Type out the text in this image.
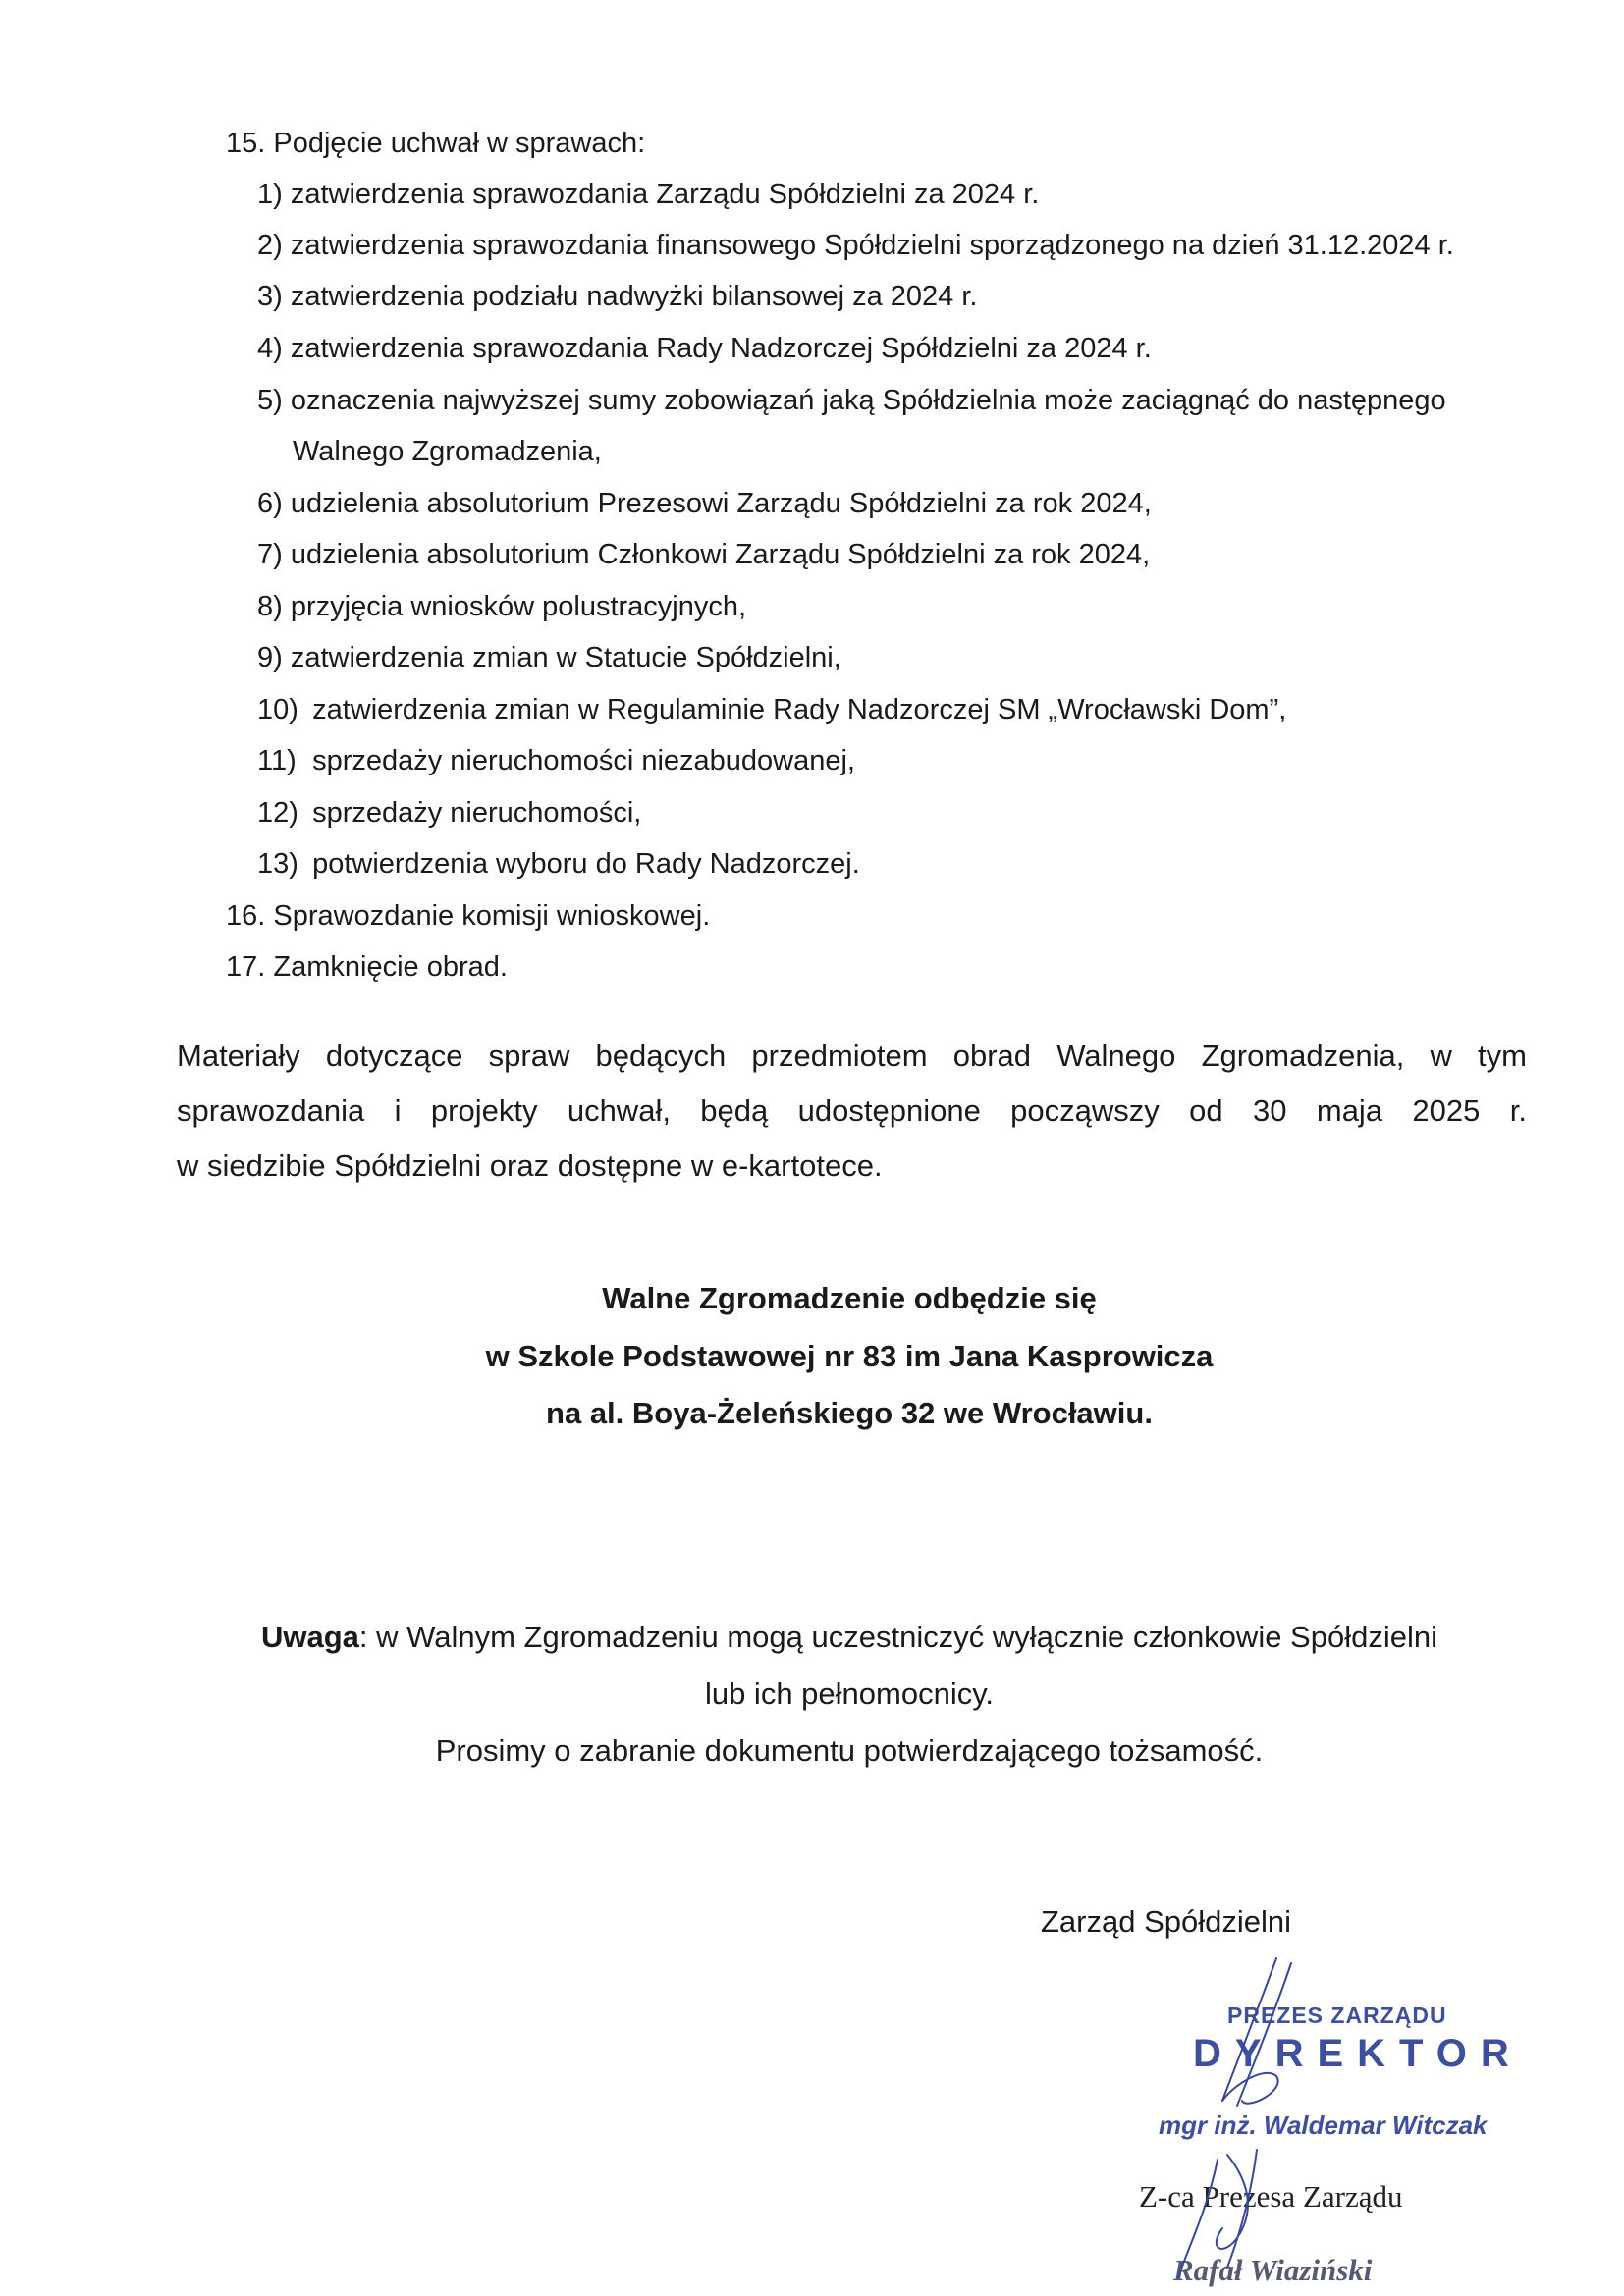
15. Podjęcie uchwał w sprawach:
1) zatwierdzenia sprawozdania Zarządu Spółdzielni za 2024 r.
2) zatwierdzenia sprawozdania finansowego Spółdzielni sporządzonego na dzień 31.12.2024 r.
3) zatwierdzenia podziału nadwyżki bilansowej za 2024 r.
4) zatwierdzenia sprawozdania Rady Nadzorczej Spółdzielni za 2024 r.
5) oznaczenia najwyższej sumy zobowiązań jaką Spółdzielnia może zaciągnąć do następnego
Walnego Zgromadzenia,
6) udzielenia absolutorium Prezesowi Zarządu Spółdzielni za rok 2024,
7) udzielenia absolutorium Członkowi Zarządu Spółdzielni za rok 2024,
8) przyjęcia wniosków polustracyjnych,
9) zatwierdzenia zmian w Statucie Spółdzielni,
10) zatwierdzenia zmian w Regulaminie Rady Nadzorczej SM „Wrocławski Dom”,
11) sprzedaży nieruchomości niezabudowanej,
12) sprzedaży nieruchomości,
13) potwierdzenia wyboru do Rady Nadzorczej.
16. Sprawozdanie komisji wnioskowej.
17. Zamknięcie obrad.

Materiały dotyczące spraw będących przedmiotem obrad Walnego Zgromadzenia, w tym

sprawozdania i projekty uchwał, będą udostępnione począwszy od 30 maja 2025 r.

w siedzibie Spółdzielni oraz dostępne w e-kartotece.

Walne Zgromadzenie odbędzie się
w Szkole Podstawowej nr 83 im Jana Kasprowicza
na al. Boya-Żeleńskiego 32 we Wrocławiu.
Uwaga: w Walnym Zgromadzeniu mogą uczestniczyć wyłącznie członkowie Spółdzielni
lub ich pełnomocnicy.
Prosimy o zabranie dokumentu potwierdzającego tożsamość.
Zarząd Spółdzielni
PREZES ZARZĄDU
DYREKTOR
mgr inż. Waldemar Witczak
Z-ca Prezesa Zarządu
Rafał Wiaziński
